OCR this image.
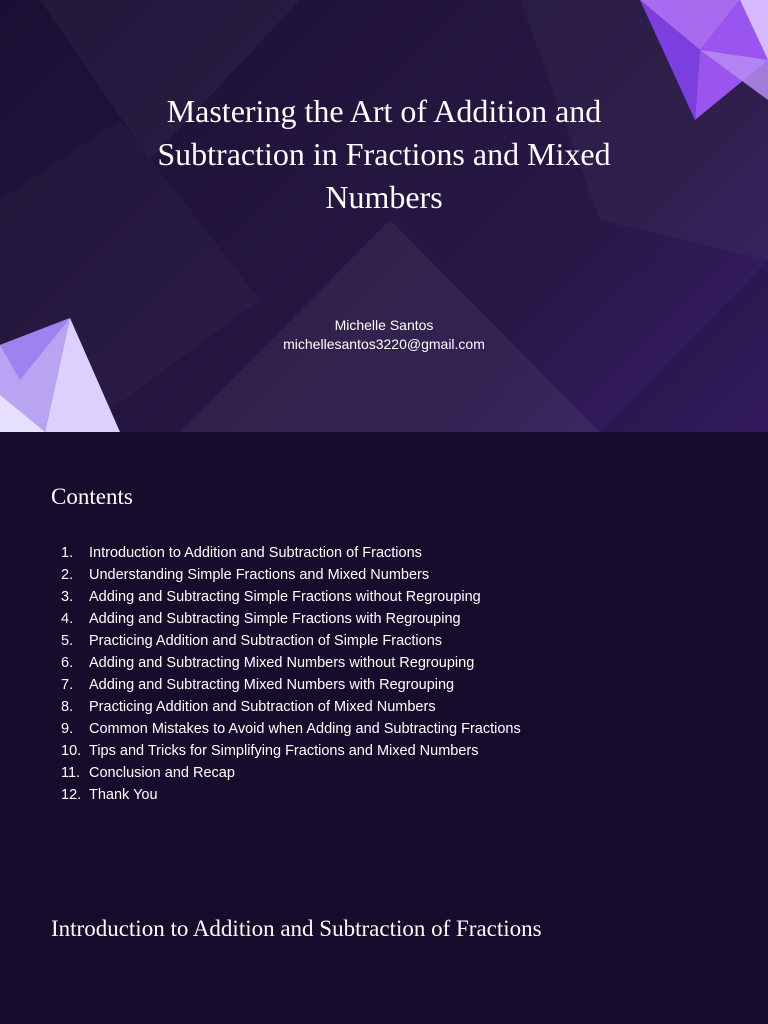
Mastering the Art of Addition and Subtraction in Fractions and Mixed Numbers
Michelle Santos
michellesantos3220@gmail.com
Contents
1. Introduction to Addition and Subtraction of Fractions
2. Understanding Simple Fractions and Mixed Numbers
3. Adding and Subtracting Simple Fractions without Regrouping
4. Adding and Subtracting Simple Fractions with Regrouping
5. Practicing Addition and Subtraction of Simple Fractions
6. Adding and Subtracting Mixed Numbers without Regrouping
7. Adding and Subtracting Mixed Numbers with Regrouping
8. Practicing Addition and Subtraction of Mixed Numbers
9. Common Mistakes to Avoid when Adding and Subtracting Fractions
10. Tips and Tricks for Simplifying Fractions and Mixed Numbers
11. Conclusion and Recap
12. Thank You
Introduction to Addition and Subtraction of Fractions
